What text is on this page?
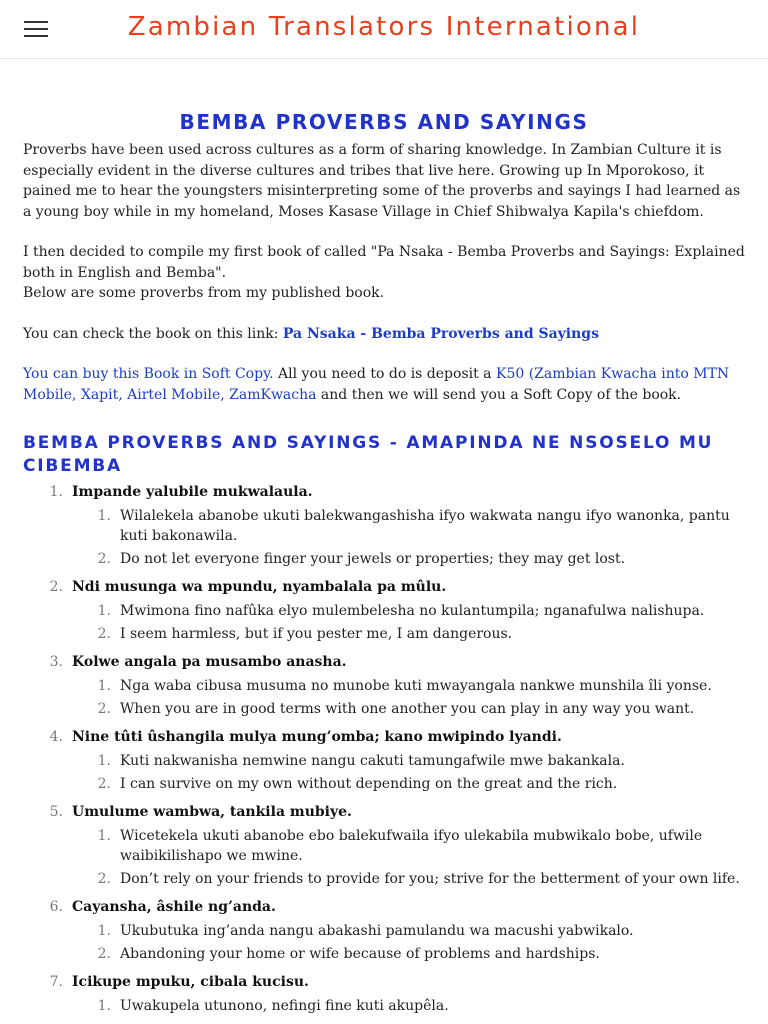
Zambian Translators International
BEMBA PROVERBS AND SAYINGS

Proverbs have been used across cultures as a form of sharing knowledge. In Zambian Culture it is especially evident in the diverse cultures and tribes that live here. Growing up In Mporokoso, it pained me to hear the youngsters misinterpreting some of the proverbs and sayings I had learned as a young boy while in my homeland, Moses Kasase Village in Chief Shibwalya Kapila's chiefdom.

I then decided to compile my first book of called "Pa Nsaka - Bemba Proverbs and Sayings: Explained both in English and Bemba".
Below are some proverbs from my published book.

You can check the book on this link: Pa Nsaka - Bemba Proverbs and Sayings

You can buy this Book in Soft Copy. All you need to do is deposit a K50 (Zambian Kwacha into MTN Mobile, Xapit, Airtel Mobile, ZamKwacha and then we will send you a Soft Copy of the book.

BEMBA PROVERBS AND SAYINGS - AMAPINDA NE NSOSELO MU CIBEMBA
1. Impande yalubile mukwalaula.
1. Wilalekela abanobe ukuti balekwangashisha ifyo wakwata nangu ifyo wanonka, pantu kuti bakonawila.
2. Do not let everyone finger your jewels or properties; they may get lost.
2. Ndi musunga wa mpundu, nyambalala pa mûlu.
1. Mwimona fino nafûka elyo mulembelesha no kulantumpila; nganafulwa nalishupa.
2. I seem harmless, but if you pester me, I am dangerous.
3. Kolwe angala pa musambo anasha.
1. Nga waba cibusa musuma no munobe kuti mwayangala nankwe munshila îli yonse.
2. When you are in good terms with one another you can play in any way you want.
4. Nine tûti ûshangila mulya mung’omba; kano mwipindo lyandi.
1. Kuti nakwanisha nemwine nangu cakuti tamungafwile mwe bakankala.
2. I can survive on my own without depending on the great and the rich.
5. Umulume wambwa, tankila mubiye.
1. Wicetekela ukuti abanobe ebo balekufwaila ifyo ulekabila mubwikalo bobe, ufwile waibikilishapo we mwine.
2. Don’t rely on your friends to provide for you; strive for the betterment of your own life.
6. Cayansha, âshile ng’anda.
1. Ukubutuka ing’anda nangu abakashi pamulandu wa macushi yabwikalo.
2. Abandoning your home or wife because of problems and hardships.
7. Icikupe mpuku, cibala kucisu.
1. Uwakupela utunono, nefingi fine kuti akupêla.
